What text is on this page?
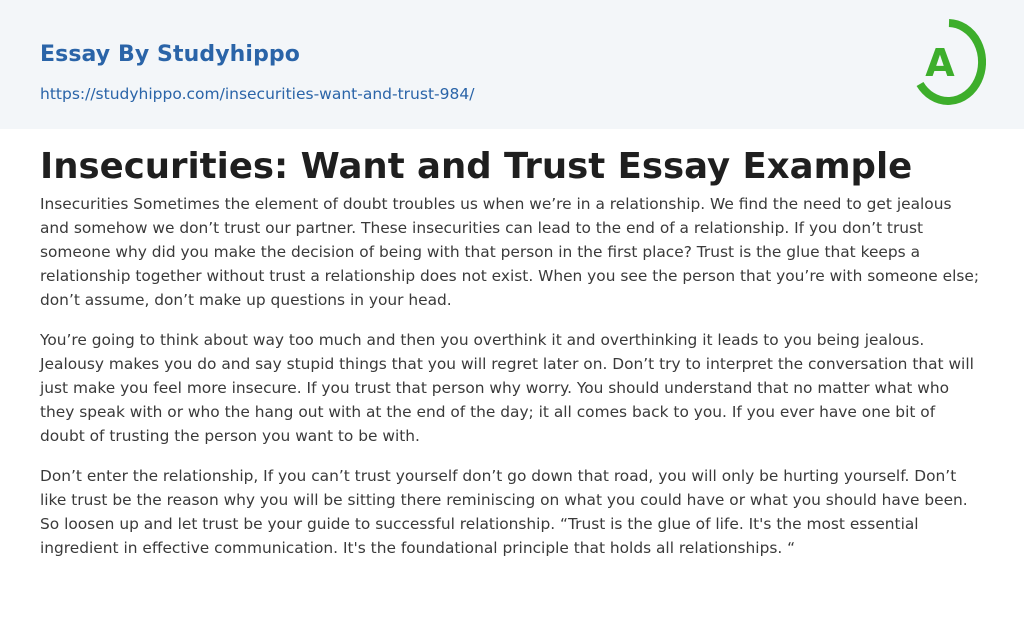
Essay By Studyhippo
https://studyhippo.com/insecurities-want-and-trust-984/
A
Insecurities: Want and Trust Essay Example

Insecurities Sometimes the element of doubt troubles us when we’re in a relationship. We find the need to get jealous and somehow we don’t trust our partner. These insecurities can lead to the end of a relationship. If you don’t trust someone why did you make the decision of being with that person in the first place? Trust is the glue that keeps a relationship together without trust a relationship does not exist. When you see the person that you’re with someone else; don’t assume, don’t make up questions in your head.

You’re going to think about way too much and then you overthink it and overthinking it leads to you being jealous. Jealousy makes you do and say stupid things that you will regret later on. Don’t try to interpret the conversation that will just make you feel more insecure. If you trust that person why worry. You should understand that no matter what who they speak with or who the hang out with at the end of the day; it all comes back to you. If you ever have one bit of doubt of trusting the person you want to be with.

Don’t enter the relationship, If you can’t trust yourself don’t go down that road, you will only be hurting yourself. Don’t like trust be the reason why you will be sitting there reminiscing on what you could have or what you should have been. So loosen up and let trust be your guide to successful relationship. “Trust is the glue of life. It's the most essential ingredient in effective communication. It's the foundational principle that holds all relationships. “
